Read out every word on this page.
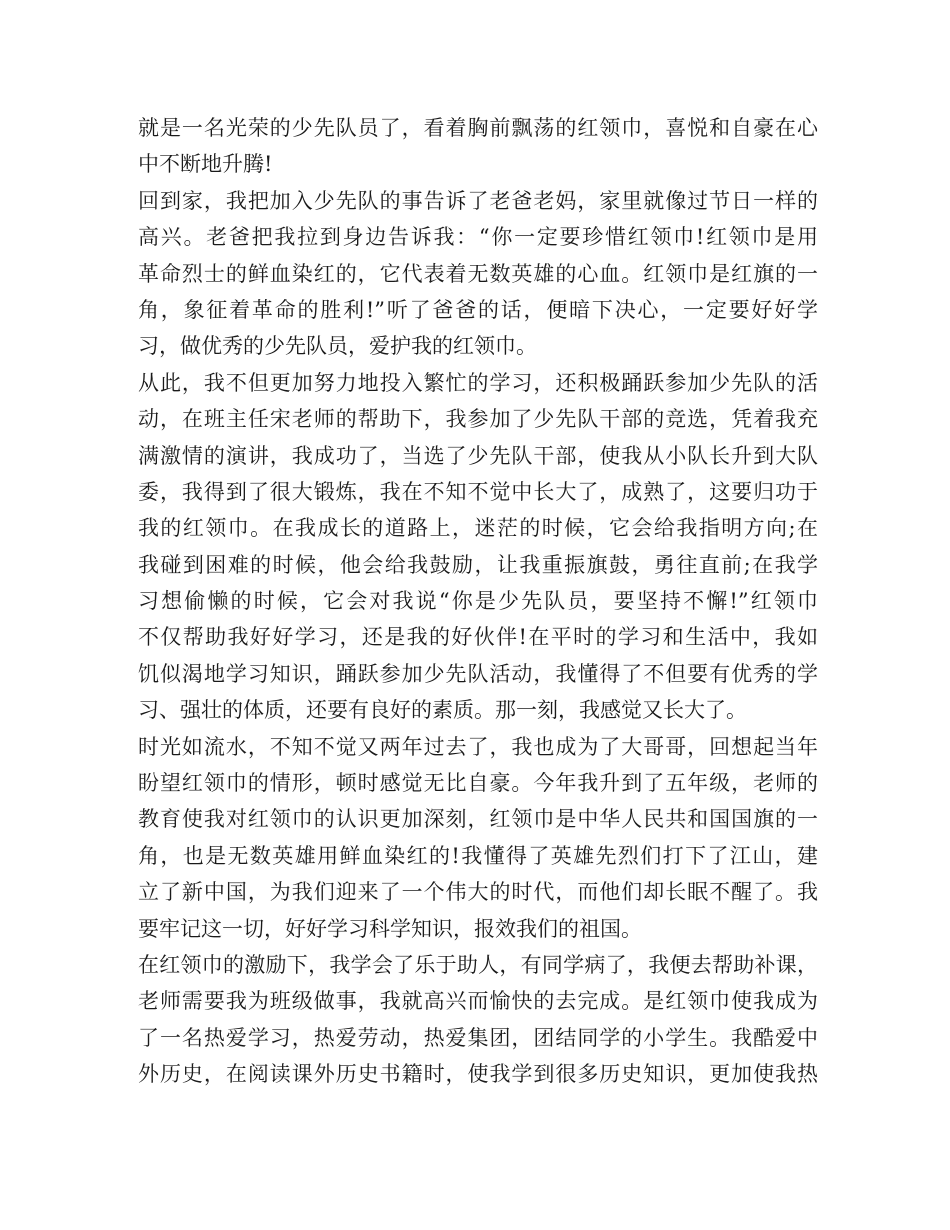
就是一名光荣的少先队员了，看着胸前飘荡的红领巾，喜悦和自豪在心
中不断地升腾!
回到家，我把加入少先队的事告诉了老爸老妈，家里就像过节日一样的
高兴。老爸把我拉到身边告诉我：“你一定要珍惜红领巾!红领巾是用
革命烈士的鲜血染红的，它代表着无数英雄的心血。红领巾是红旗的一
角，象征着革命的胜利!”听了爸爸的话，便暗下决心，一定要好好学
习，做优秀的少先队员，爱护我的红领巾。
从此，我不但更加努力地投入繁忙的学习，还积极踊跃参加少先队的活
动，在班主任宋老师的帮助下，我参加了少先队干部的竞选，凭着我充
满激情的演讲，我成功了，当选了少先队干部，使我从小队长升到大队
委，我得到了很大锻炼，我在不知不觉中长大了，成熟了，这要归功于
我的红领巾。在我成长的道路上，迷茫的时候，它会给我指明方向;在
我碰到困难的时候，他会给我鼓励，让我重振旗鼓，勇往直前;在我学
习想偷懒的时候，它会对我说“你是少先队员，要坚持不懈!”红领巾
不仅帮助我好好学习，还是我的好伙伴!在平时的学习和生活中，我如
饥似渴地学习知识，踊跃参加少先队活动，我懂得了不但要有优秀的学
习、强壮的体质，还要有良好的素质。那一刻，我感觉又长大了。
时光如流水，不知不觉又两年过去了，我也成为了大哥哥，回想起当年
盼望红领巾的情形，顿时感觉无比自豪。今年我升到了五年级，老师的
教育使我对红领巾的认识更加深刻，红领巾是中华人民共和国国旗的一
角，也是无数英雄用鲜血染红的!我懂得了英雄先烈们打下了江山，建
立了新中国，为我们迎来了一个伟大的时代，而他们却长眠不醒了。我
要牢记这一切，好好学习科学知识，报效我们的祖国。
在红领巾的激励下，我学会了乐于助人，有同学病了，我便去帮助补课，
老师需要我为班级做事，我就高兴而愉快的去完成。是红领巾使我成为
了一名热爱学习，热爱劳动，热爱集团，团结同学的小学生。我酷爱中
外历史，在阅读课外历史书籍时，使我学到很多历史知识，更加使我热
